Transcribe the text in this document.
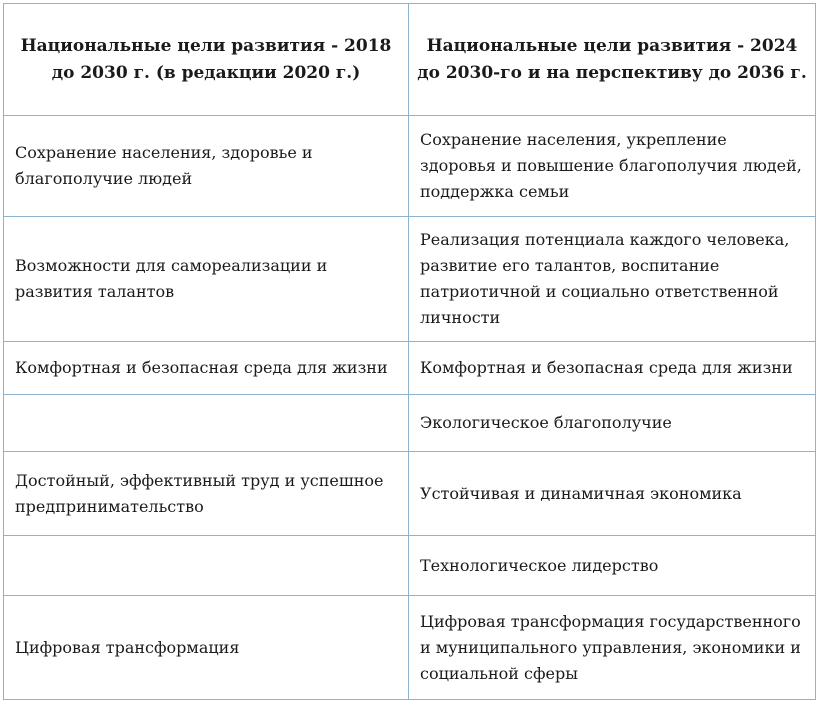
Национальные цели развития - 2018 до 2030 г. (в редакции 2020 г.)	Национальные цели развития - 2024 до 2030-го и на перспективу до 2036 г.
Сохранение населения, здоровье и благополучие людей	Сохранение населения, укрепление здоровья и повышение благополучия людей, поддержка семьи
Возможности для самореализации и развития талантов	Реализация потенциала каждого человека, развитие его талантов, воспитание патриотичной и социально ответственной личности
Комфортная и безопасная среда для жизни	Комфортная и безопасная среда для жизни
	Экологическое благополучие
Достойный, эффективный труд и успешное предпринимательство	Устойчивая и динамичная экономика
	Технологическое лидерство
Цифровая трансформация	Цифровая трансформация государственного и муниципального управления, экономики и социальной сферы
